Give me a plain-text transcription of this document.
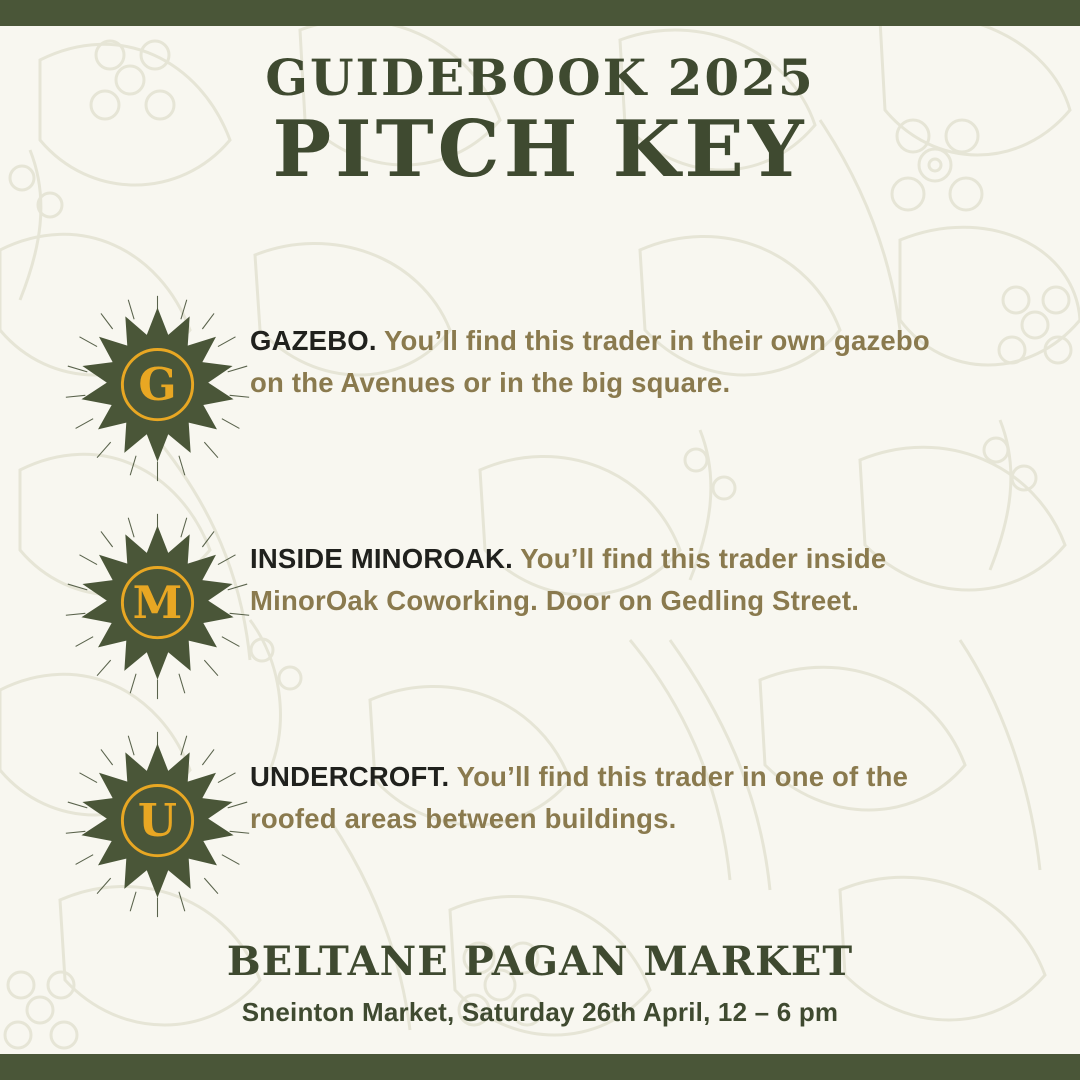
GUIDEBOOK 2025
PITCH KEY
G
GAZEBO. You’ll find this trader in their own gazebo on the Avenues or in the big square.
M
INSIDE MINOROAK. You’ll find this trader inside MinorOak Coworking. Door on Gedling Street.
U
UNDERCROFT. You’ll find this trader in one of the roofed areas between buildings.
BELTANE PAGAN MARKET
Sneinton Market, Saturday 26th April, 12 – 6 pm
